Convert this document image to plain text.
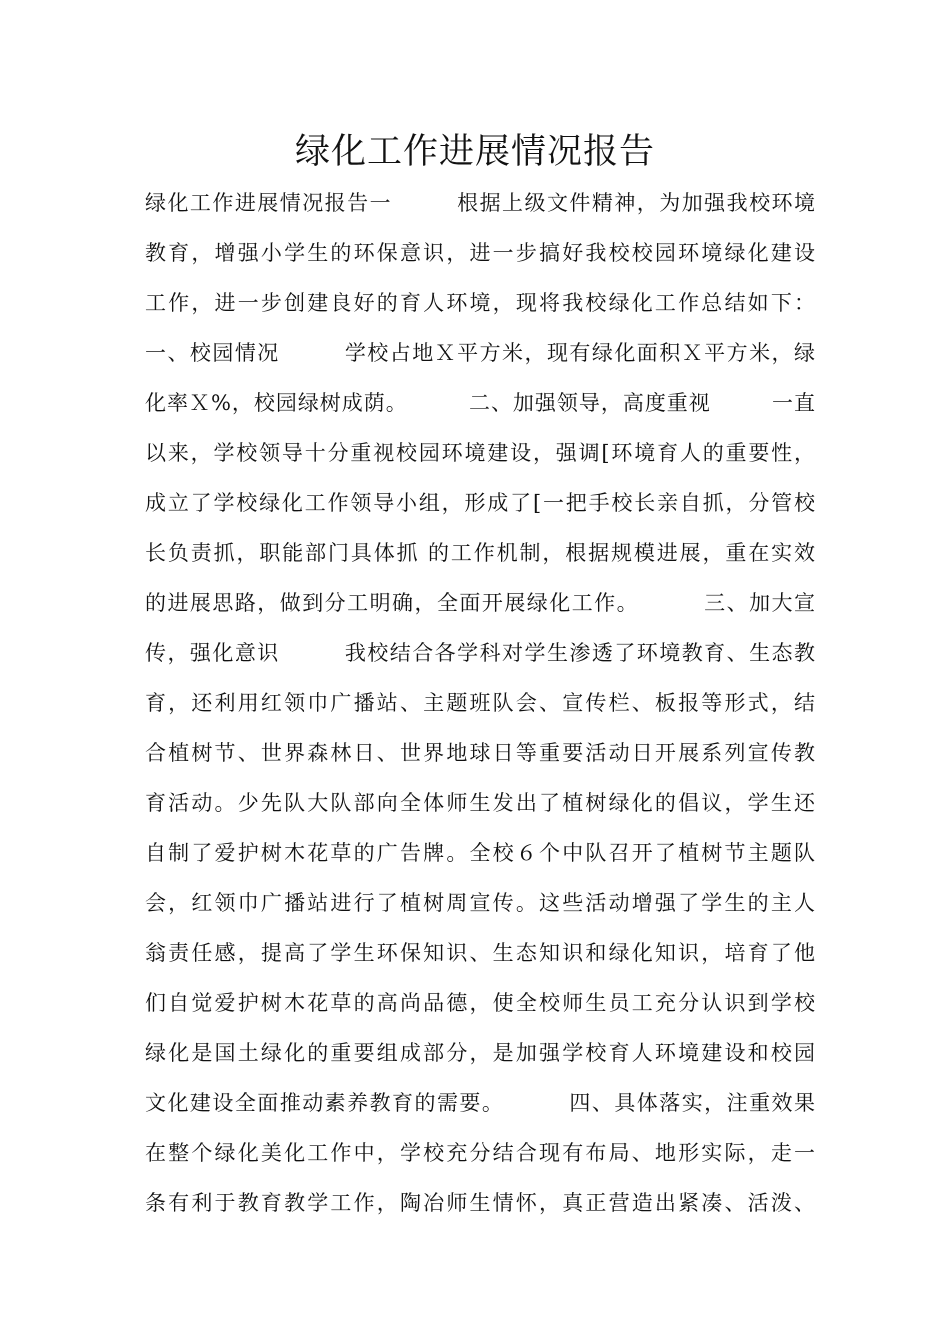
绿化工作进展情况报告
绿化工作进展情况报告一        根据上级文件精神，为加强我校环境
教育，增强小学生的环保意识，进一步搞好我校校园环境绿化建设
工作，进一步创建良好的育人环境，现将我校绿化工作总结如下：
一、校园情况        学校占地Ｘ平方米，现有绿化面积Ｘ平方米，绿
化率Ｘ%，校园绿树成荫。        二、加强领导，高度重视        一直
以来，学校领导十分重视校园环境建设，强调[环境育人的重要性，
成立了学校绿化工作领导小组，形成了[一把手校长亲自抓，分管校
长负责抓，职能部门具体抓 的工作机制，根据规模进展，重在实效
的进展思路，做到分工明确，全面开展绿化工作。        三、加大宣
传，强化意识        我校结合各学科对学生渗透了环境教育、生态教
育，还利用红领巾广播站、主题班队会、宣传栏、板报等形式，结
合植树节、世界森林日、世界地球日等重要活动日开展系列宣传教
育活动。少先队大队部向全体师生发出了植树绿化的倡议，学生还
自制了爱护树木花草的广告牌。全校６个中队召开了植树节主题队
会，红领巾广播站进行了植树周宣传。这些活动增强了学生的主人
翁责任感，提高了学生环保知识、生态知识和绿化知识，培育了他
们自觉爱护树木花草的高尚品德，使全校师生员工充分认识到学校
绿化是国土绿化的重要组成部分，是加强学校育人环境建设和校园
文化建设全面推动素养教育的需要。        四、具体落实，注重效果
在整个绿化美化工作中，学校充分结合现有布局、地形实际，走一
条有利于教育教学工作，陶冶师生情怀，真正营造出紧凑、活泼、
